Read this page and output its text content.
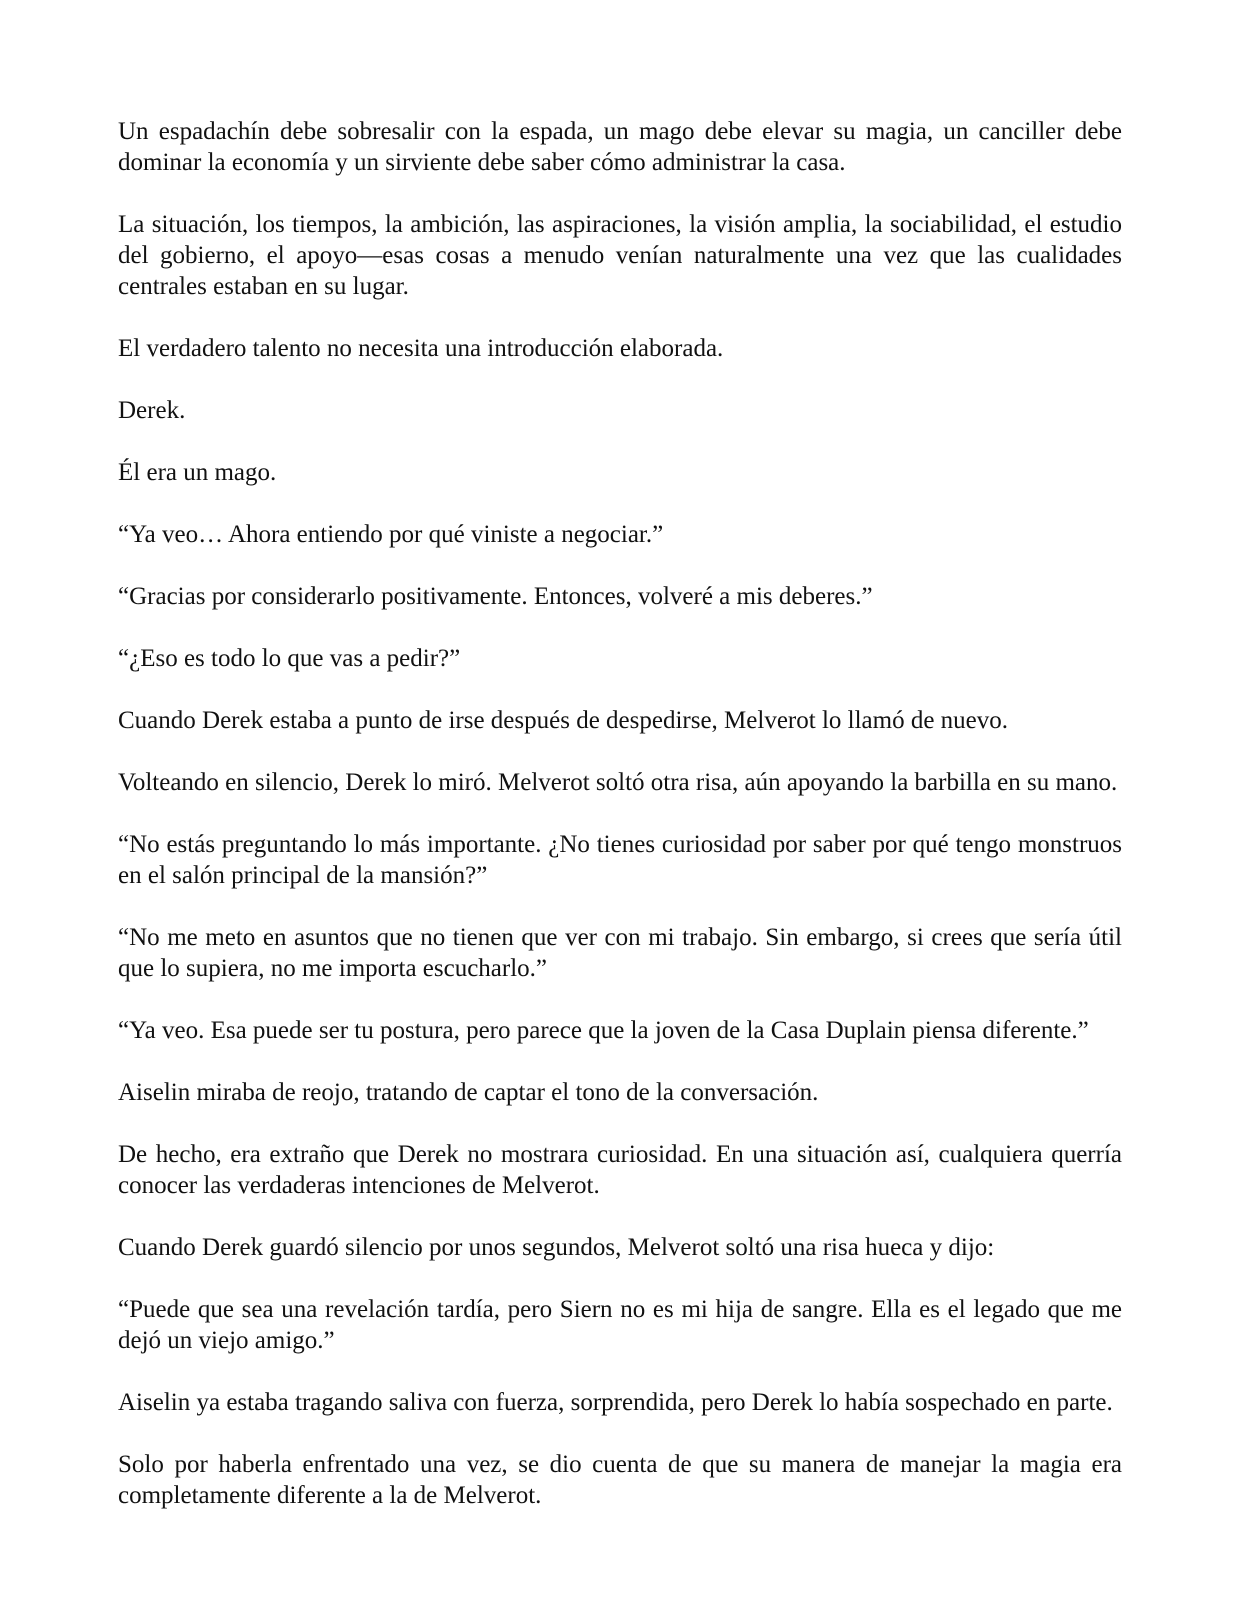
Un espadachín debe sobresalir con la espada, un mago debe elevar su magia, un canciller debe dominar la economía y un sirviente debe saber cómo administrar la casa.

La situación, los tiempos, la ambición, las aspiraciones, la visión amplia, la sociabilidad, el estudio del gobierno, el apoyo—esas cosas a menudo venían naturalmente una vez que las cualidades centrales estaban en su lugar.

El verdadero talento no necesita una introducción elaborada.

Derek.

Él era un mago.

“Ya veo… Ahora entiendo por qué viniste a negociar.”

“Gracias por considerarlo positivamente. Entonces, volveré a mis deberes.”

“¿Eso es todo lo que vas a pedir?”

Cuando Derek estaba a punto de irse después de despedirse, Melverot lo llamó de nuevo.

Volteando en silencio, Derek lo miró. Melverot soltó otra risa, aún apoyando la barbilla en su mano.

“No estás preguntando lo más importante. ¿No tienes curiosidad por saber por qué tengo monstruos en el salón principal de la mansión?”

“No me meto en asuntos que no tienen que ver con mi trabajo. Sin embargo, si crees que sería útil que lo supiera, no me importa escucharlo.”

“Ya veo. Esa puede ser tu postura, pero parece que la joven de la Casa Duplain piensa diferente.”

Aiselin miraba de reojo, tratando de captar el tono de la conversación.

De hecho, era extraño que Derek no mostrara curiosidad. En una situación así, cualquiera querría conocer las verdaderas intenciones de Melverot.

Cuando Derek guardó silencio por unos segundos, Melverot soltó una risa hueca y dijo:

“Puede que sea una revelación tardía, pero Siern no es mi hija de sangre. Ella es el legado que me dejó un viejo amigo.”

Aiselin ya estaba tragando saliva con fuerza, sorprendida, pero Derek lo había sospechado en parte.

Solo por haberla enfrentado una vez, se dio cuenta de que su manera de manejar la magia era completamente diferente a la de Melverot.
